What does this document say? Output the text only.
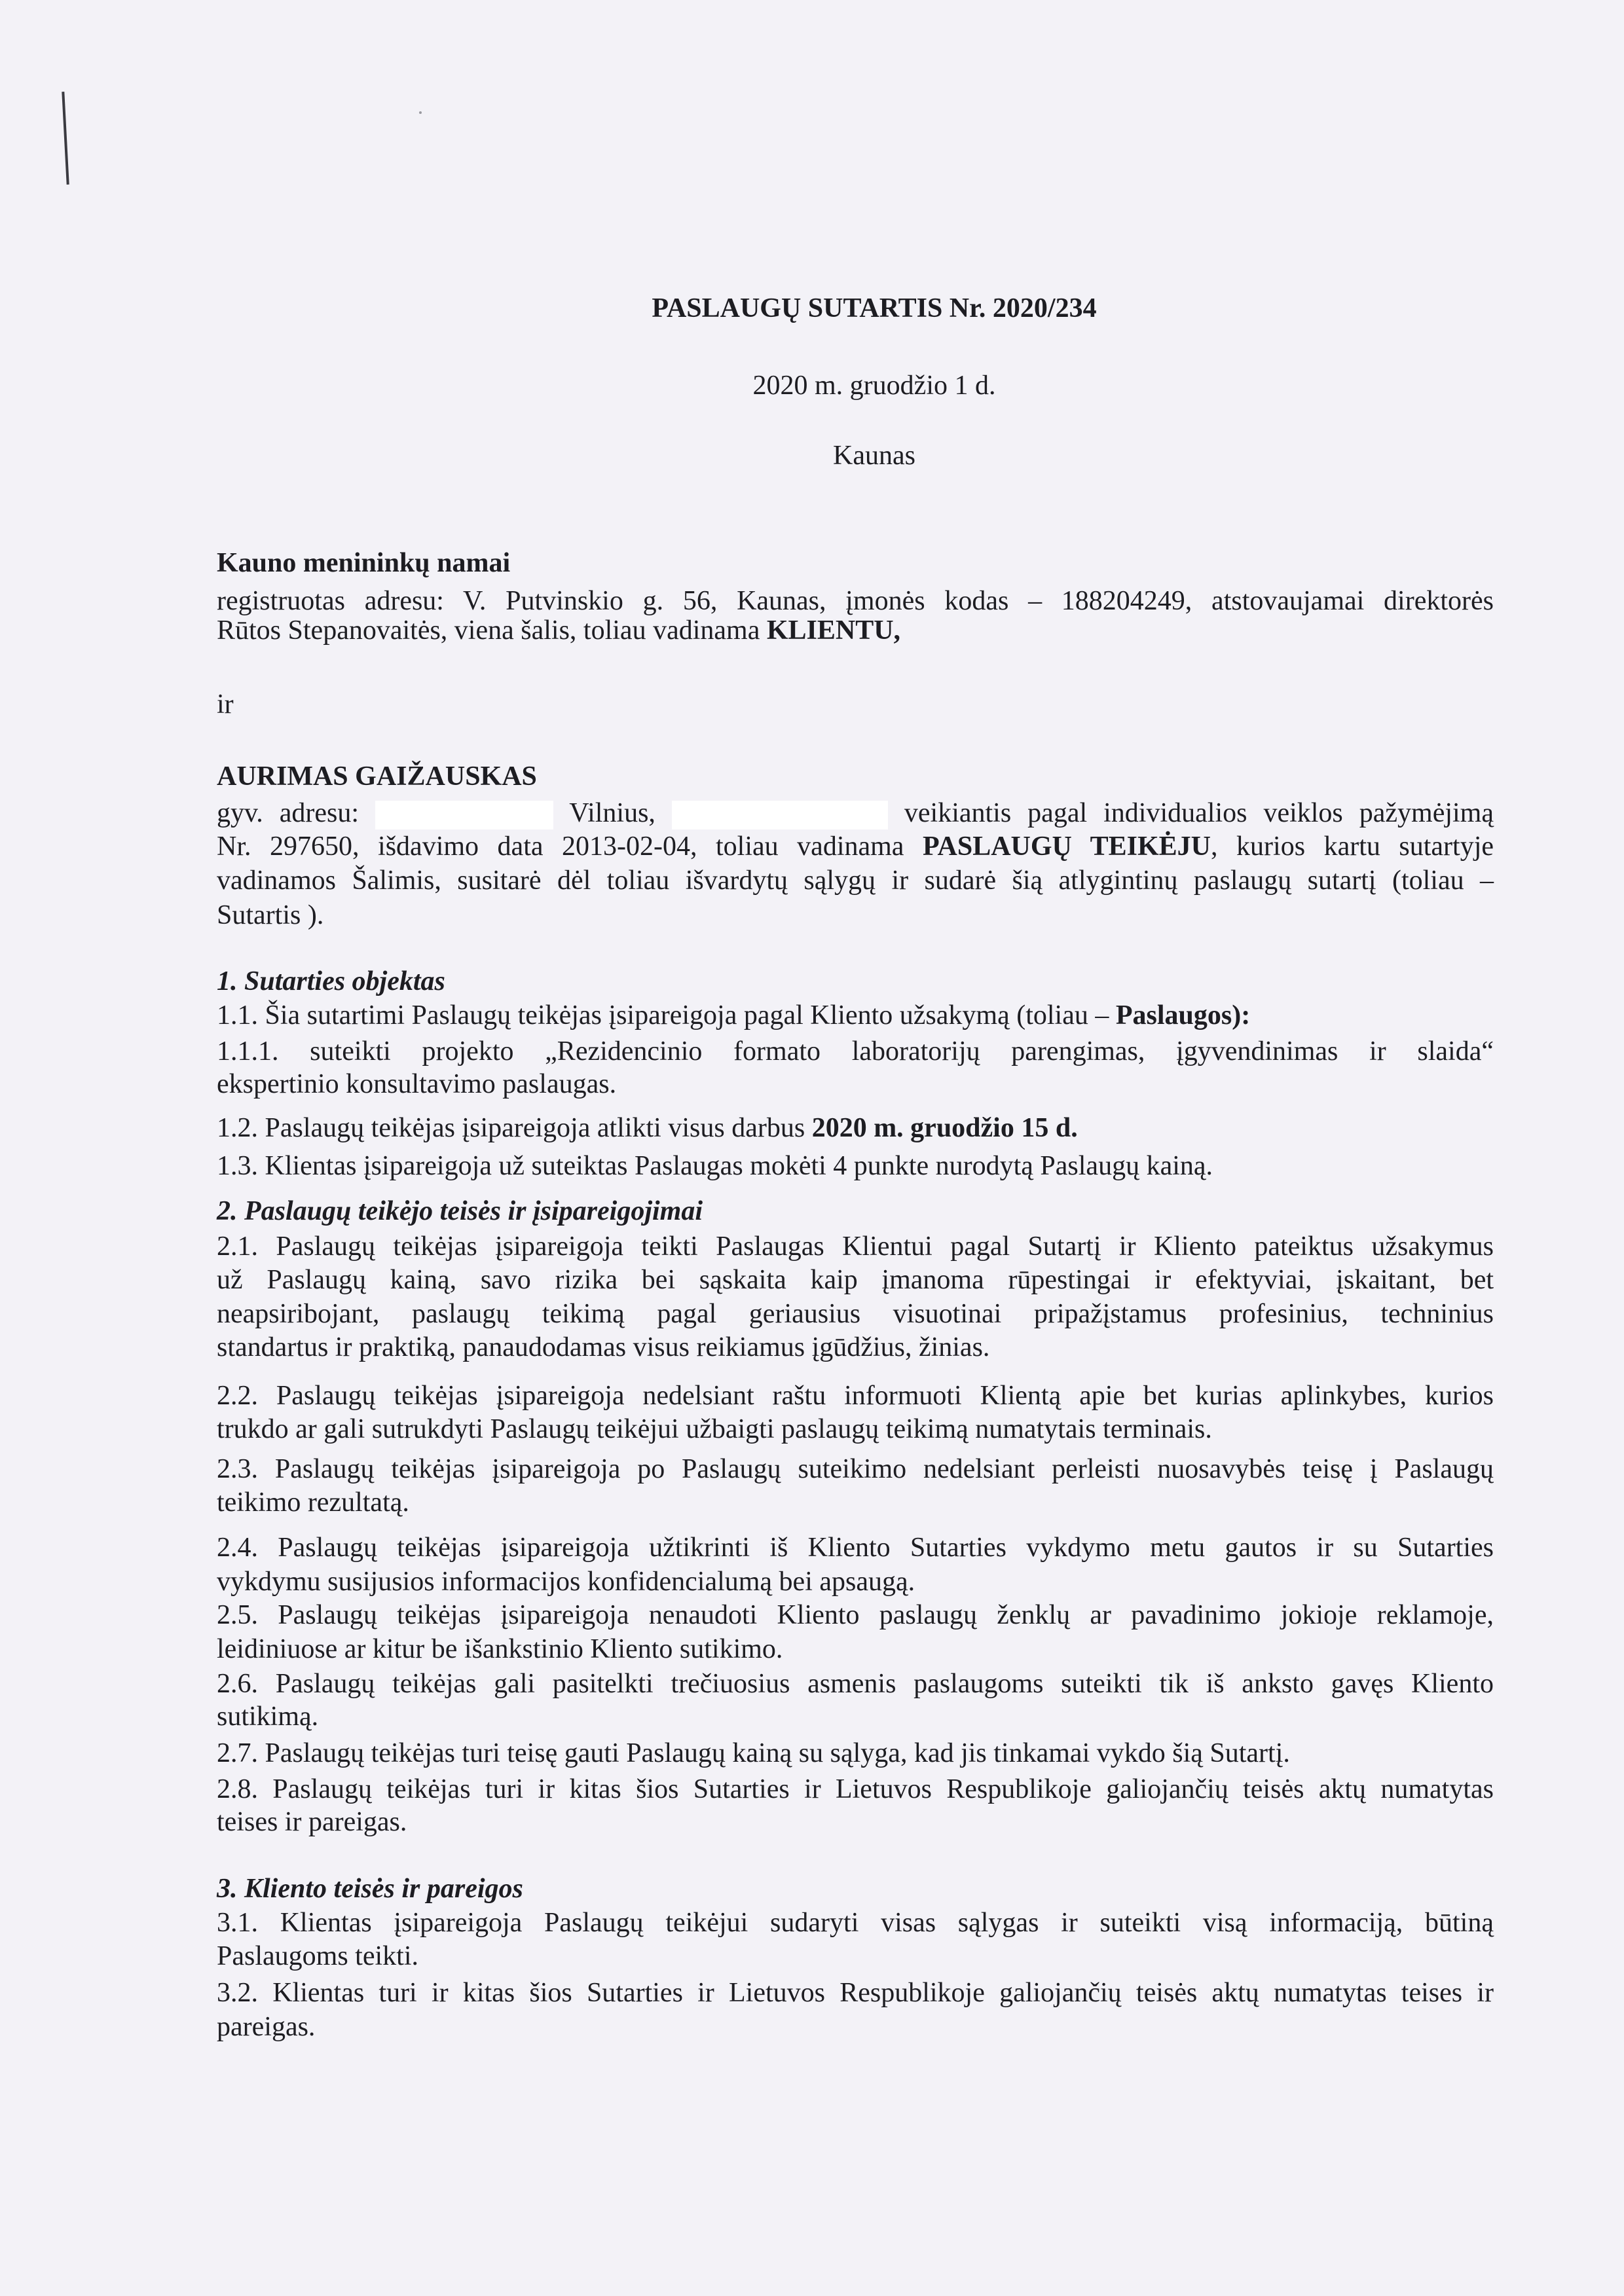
PASLAUGŲ SUTARTIS Nr. 2020/234
2020 m. gruodžio 1 d.
Kaunas
Kauno menininkų namai
ir
AURIMAS GAIŽAUSKAS
registruotas adresu: V. Putvinskio g. 56, Kaunas, įmonės kodas – 188204249, atstovaujamai direktorės
Rūtos Stepanovaitės, viena šalis, toliau vadinama KLIENTU,
gyv. adresu:	Vilnius,	veikiantis pagal individualios veiklos pažymėjimą
Nr. 297650, išdavimo data 2013-02-04, toliau vadinama PASLAUGŲ TEIKĖJU, kurios kartu sutartyje
vadinamos Šalimis, susitarė dėl toliau išvardytų sąlygų ir sudarė šią atlygintinų paslaugų sutartį (toliau –
Sutartis ).
1. Sutarties objektas
1.1. Šia sutartimi Paslaugų teikėjas įsipareigoja pagal Kliento užsakymą (toliau – Paslaugos):
1.1.1. suteikti projekto „Rezidencinio formato laboratorijų parengimas, įgyvendinimas ir slaida“
ekspertinio konsultavimo paslaugas.
1.2. Paslaugų teikėjas įsipareigoja atlikti visus darbus 2020 m. gruodžio 15 d.
1.3. Klientas įsipareigoja už suteiktas Paslaugas mokėti 4 punkte nurodytą Paslaugų kainą.
2. Paslaugų teikėjo teisės ir įsipareigojimai
2.1. Paslaugų teikėjas įsipareigoja teikti Paslaugas Klientui pagal Sutartį ir Kliento pateiktus užsakymus
už Paslaugų kainą, savo rizika bei sąskaita kaip įmanoma rūpestingai ir efektyviai, įskaitant, bet
neapsiribojant, paslaugų teikimą pagal geriausius visuotinai pripažįstamus profesinius, techninius
standartus ir praktiką, panaudodamas visus reikiamus įgūdžius, žinias.
2.2. Paslaugų teikėjas įsipareigoja nedelsiant raštu informuoti Klientą apie bet kurias aplinkybes, kurios
trukdo ar gali sutrukdyti Paslaugų teikėjui užbaigti paslaugų teikimą numatytais terminais.
2.3. Paslaugų teikėjas įsipareigoja po Paslaugų suteikimo nedelsiant perleisti nuosavybės teisę į Paslaugų
teikimo rezultatą.
2.4. Paslaugų teikėjas įsipareigoja užtikrinti iš Kliento Sutarties vykdymo metu gautos ir su Sutarties
vykdymu susijusios informacijos konfidencialumą bei apsaugą.
2.5. Paslaugų teikėjas įsipareigoja nenaudoti Kliento paslaugų ženklų ar pavadinimo jokioje reklamoje,
leidiniuose ar kitur be išankstinio Kliento sutikimo.
2.6. Paslaugų teikėjas gali pasitelkti trečiuosius asmenis paslaugoms suteikti tik iš anksto gavęs Kliento
sutikimą.
2.7. Paslaugų teikėjas turi teisę gauti Paslaugų kainą su sąlyga, kad jis tinkamai vykdo šią Sutartį.
2.8. Paslaugų teikėjas turi ir kitas šios Sutarties ir Lietuvos Respublikoje galiojančių teisės aktų numatytas
teises ir pareigas.
3. Kliento teisės ir pareigos
3.1. Klientas įsipareigoja Paslaugų teikėjui sudaryti visas sąlygas ir suteikti visą informaciją, būtiną
Paslaugoms teikti.
3.2. Klientas turi ir kitas šios Sutarties ir Lietuvos Respublikoje galiojančių teisės aktų numatytas teises ir
pareigas.
